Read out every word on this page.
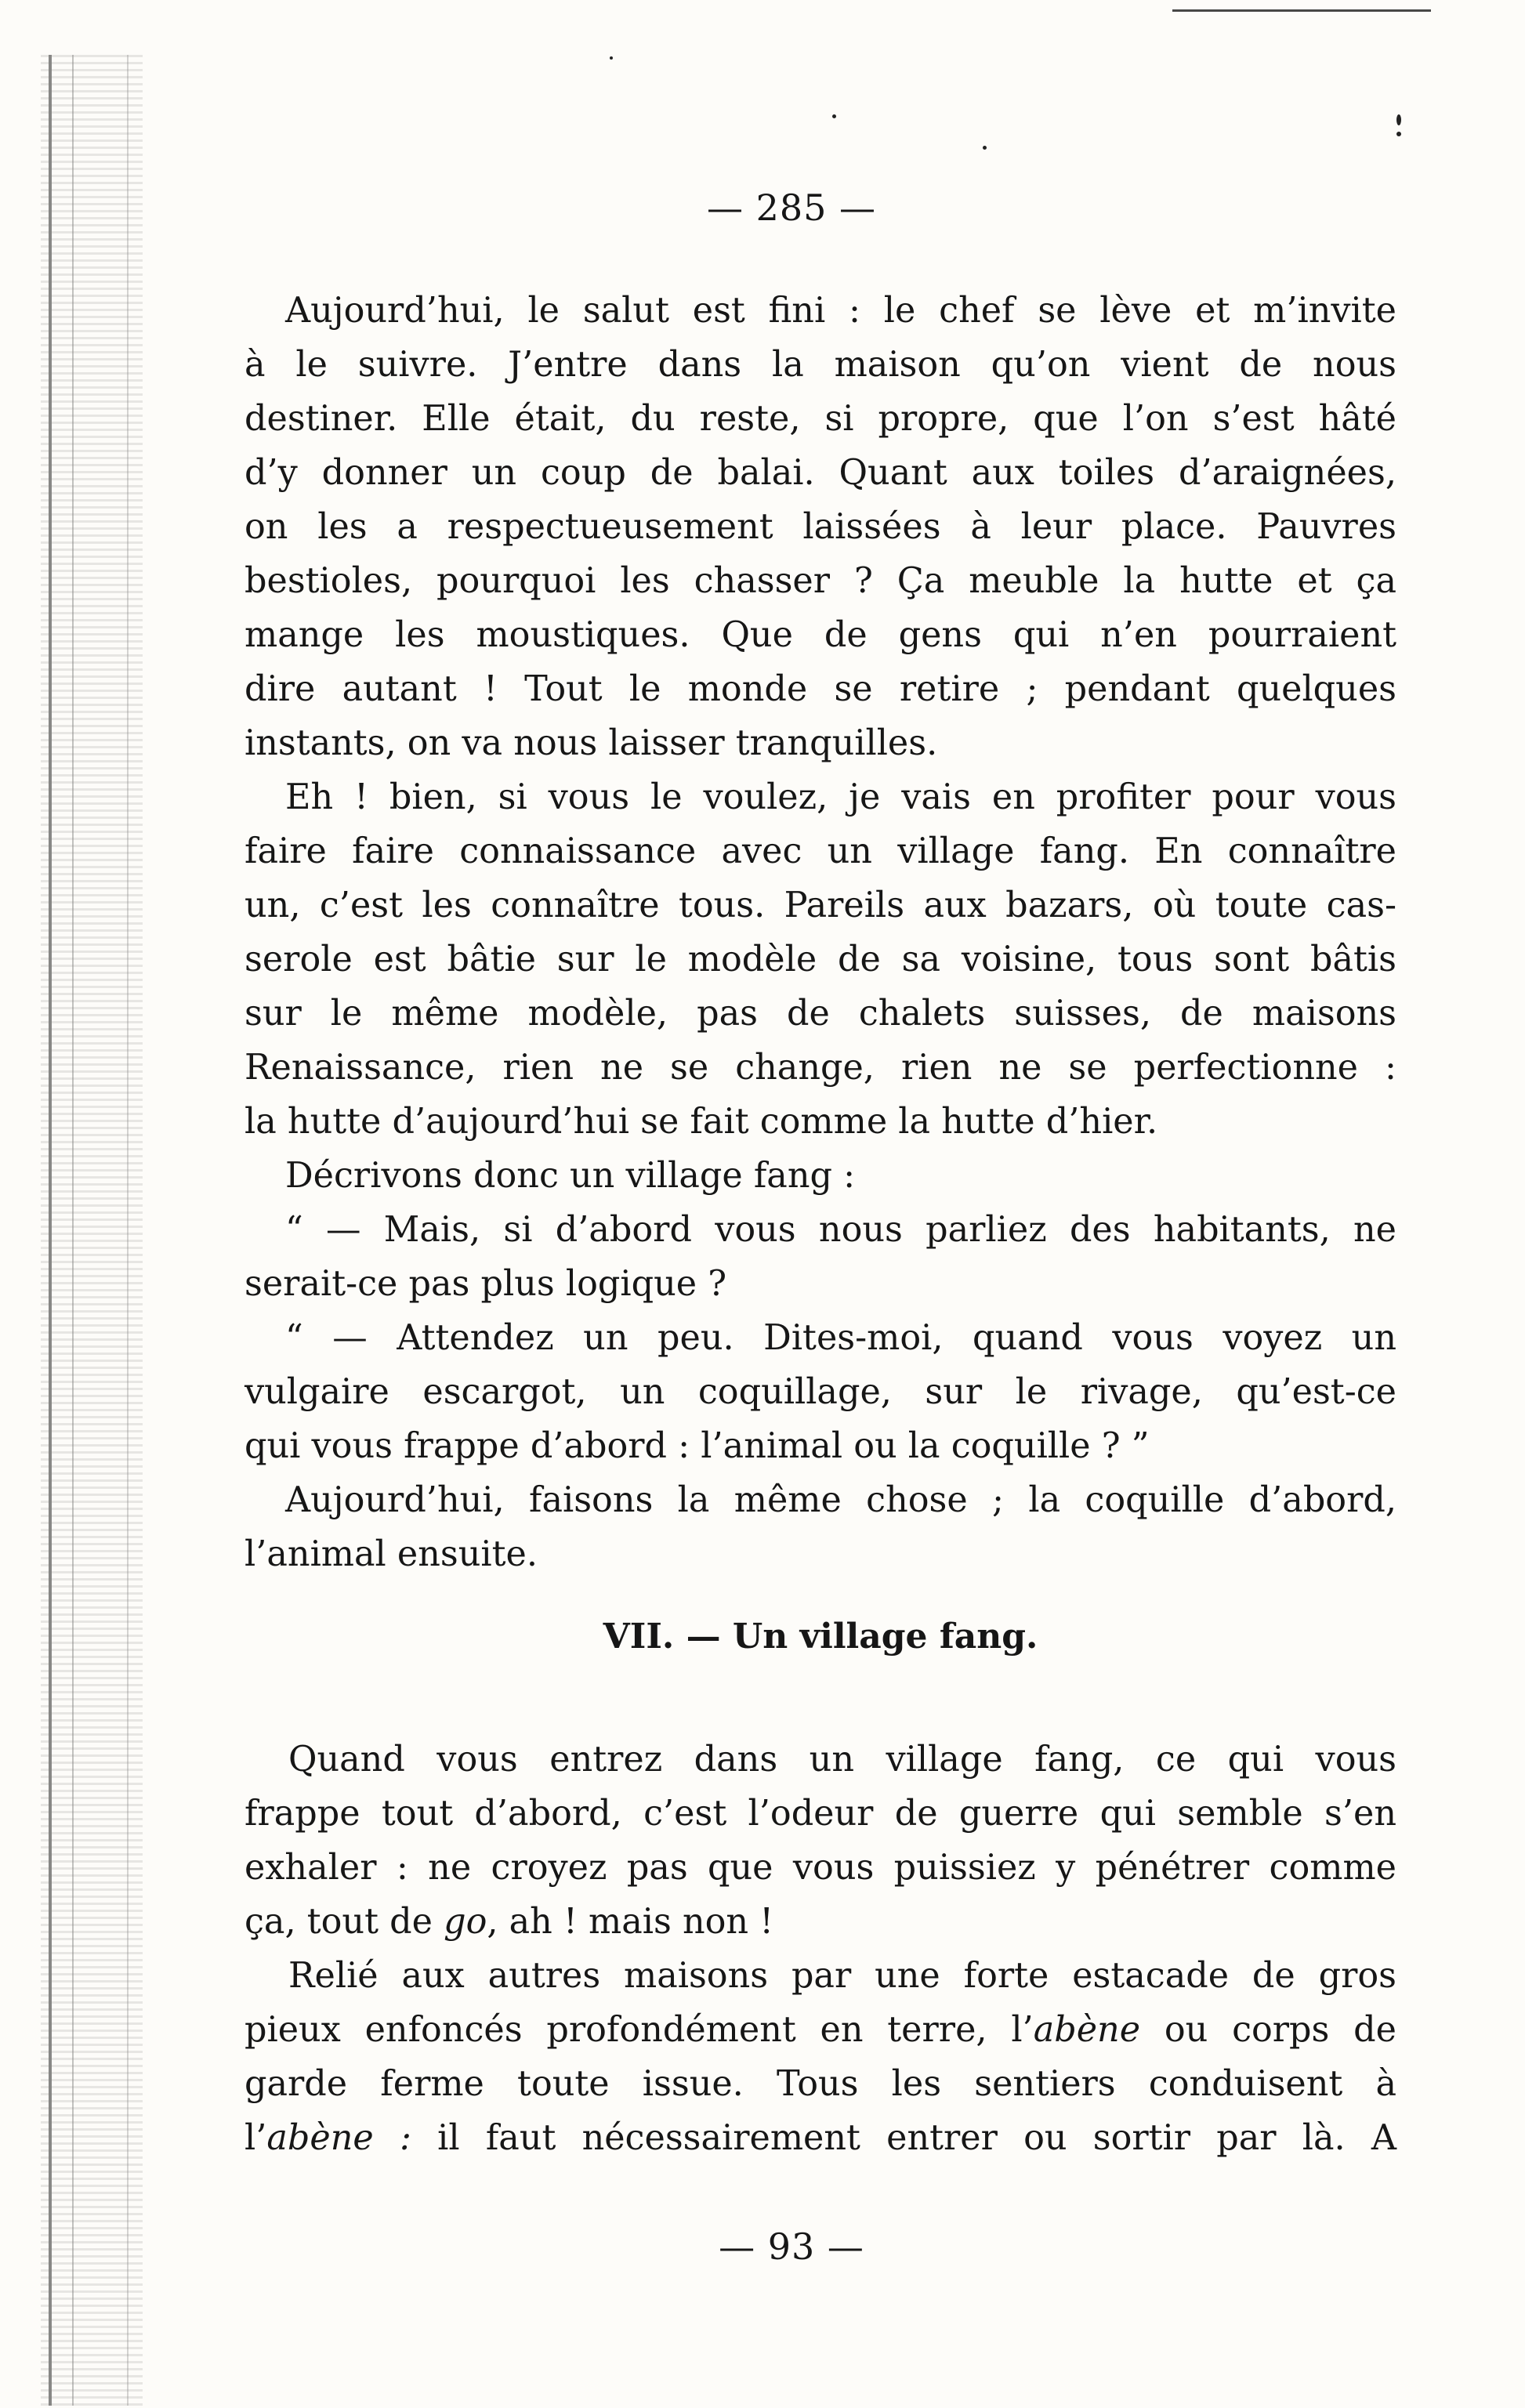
— 285 —
Aujourd’hui, le salut est fini : le chef se lève et m’invite
à le suivre. J’entre dans la maison qu’on vient de nous
destiner. Elle était, du reste, si propre, que l’on s’est hâté
d’y donner un coup de balai. Quant aux toiles d’araignées,
on les a respectueusement laissées à leur place. Pauvres
bestioles, pourquoi les chasser ? Ça meuble la hutte et ça
mange les moustiques. Que de gens qui n’en pourraient
dire autant ! Tout le monde se retire ; pendant quelques
instants, on va nous laisser tranquilles.
Eh ! bien, si vous le voulez, je vais en profiter pour vous
faire faire connaissance avec un village fang. En connaître
un, c’est les connaître tous. Pareils aux bazars, où toute cas-
serole est bâtie sur le modèle de sa voisine, tous sont bâtis
sur le même modèle, pas de chalets suisses, de maisons
Renaissance, rien ne se change, rien ne se perfectionne :
la hutte d’aujourd’hui se fait comme la hutte d’hier.
Décrivons donc un village fang :
“ — Mais, si d’abord vous nous parliez des habitants, ne
serait-ce pas plus logique ?
“ — Attendez un peu. Dites-moi, quand vous voyez un
vulgaire escargot, un coquillage, sur le rivage, qu’est-ce
qui vous frappe d’abord : l’animal ou la coquille ? ”
Aujourd’hui, faisons la même chose ; la coquille d’abord,
l’animal ensuite.
VII. — Un village fang.
Quand vous entrez dans un village fang, ce qui vous
frappe tout d’abord, c’est l’odeur de guerre qui semble s’en
exhaler : ne croyez pas que vous puissiez y pénétrer comme
ça, tout de go, ah ! mais non !
Relié aux autres maisons par une forte estacade de gros
pieux enfoncés profondément en terre, l’abène ou corps de
garde ferme toute issue. Tous les sentiers conduisent à
l’abène : il faut nécessairement entrer ou sortir par là. A
— 93 —
